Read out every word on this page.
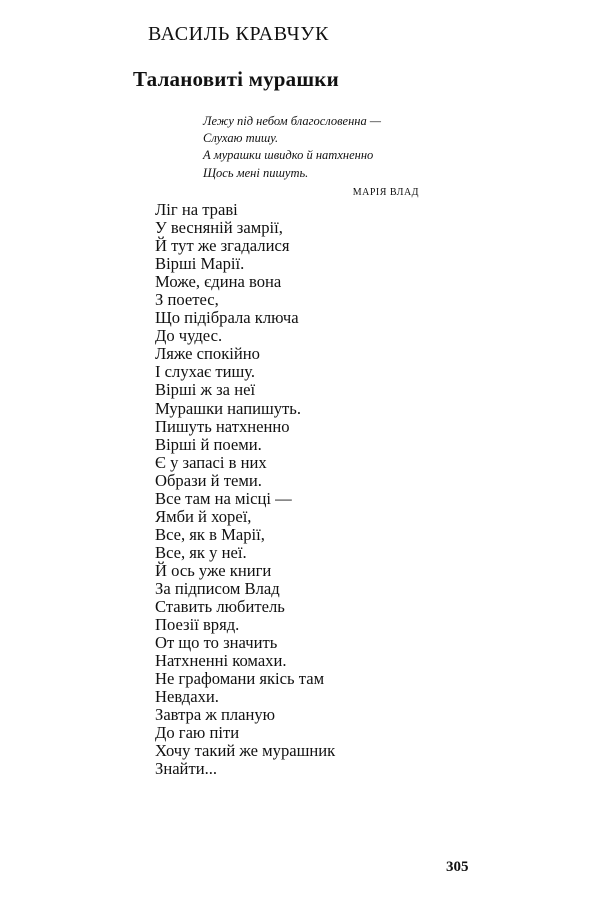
ВАСИЛЬ КРАВЧУК
Талановиті мурашки
Лежу під небом благословенна —
Слухаю тишу.
А мурашки швидко й натхненно
Щось мені пишуть.
МАРІЯ ВЛАД
Ліг на траві
У весняній замрії,
Й тут же згадалися
Вірші Марії.
Може, єдина вона
З поетес,
Що підібрала ключа
До чудес.
Ляже спокійно
І слухає тишу.
Вірші ж за неї
Мурашки напишуть.
Пишуть натхненно
Вірші й поеми.
Є у запасі в них
Образи й теми.
Все там на місці —
Ямби й хореї,
Все, як в Марії,
Все, як у неї.
Й ось уже книги
За підписом Влад
Ставить любитель
Поезії вряд.
От що то значить
Натхненні комахи.
Не графомани якісь там
Невдахи.
Завтра ж планую
До гаю піти
Хочу такий же мурашник
Знайти...
305
